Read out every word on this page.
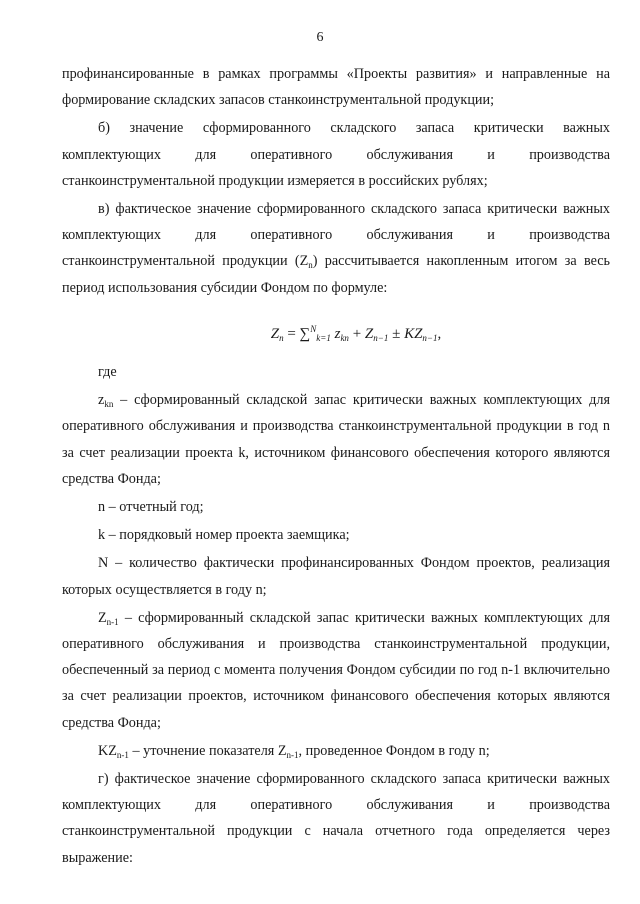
6

профинансированные в рамках программы «Проекты развития» и направленные на формирование складских запасов станкоинструментальной продукции;

б) значение сформированного складского запаса критически важных комплектующих для оперативного обслуживания и производства станкоинструментальной продукции измеряется в российских рублях;

в) фактическое значение сформированного складского запаса критически важных комплектующих для оперативного обслуживания и производства станкоинструментальной продукции $(Z_n)$ рассчитывается накопленным итогом за весь период использования субсидии Фондом по формуле:

$Z_n = \sum^N_{k=1}$ $z_{kn} + Z_{n-1} \pm KZ_{n-1}$,

где

$z_{kn}$ – сформированный складской запас критически важных комплектующих для оперативного обслуживания и производства станкоинструментальной продукции в год n за счет реализации проекта k, источником финансового обеспечения которого являются средства Фонда;

n – отчетный год;

k – порядковый номер проекта заемщика;

N – количество фактически профинансированных Фондом проектов, реализация которых осуществляется в году n;

$Z_{n-1}$ – сформированный складской запас критически важных комплектующих для оперативного обслуживания и производства станкоинструментальной продукции, обеспеченный за период с момента получения Фондом субсидии по год n-1 включительно за счет реализации проектов, источником финансового обеспечения которых являются средства Фонда;

$KZ_{n-1}$ – уточнение показателя $Z_{n-1}$, проведенное Фондом в году n;

г) фактическое значение сформированного складского запаса критически важных комплектующих для оперативного обслуживания и производства станкоинструментальной продукции с начала отчетного года определяется через выражение:
